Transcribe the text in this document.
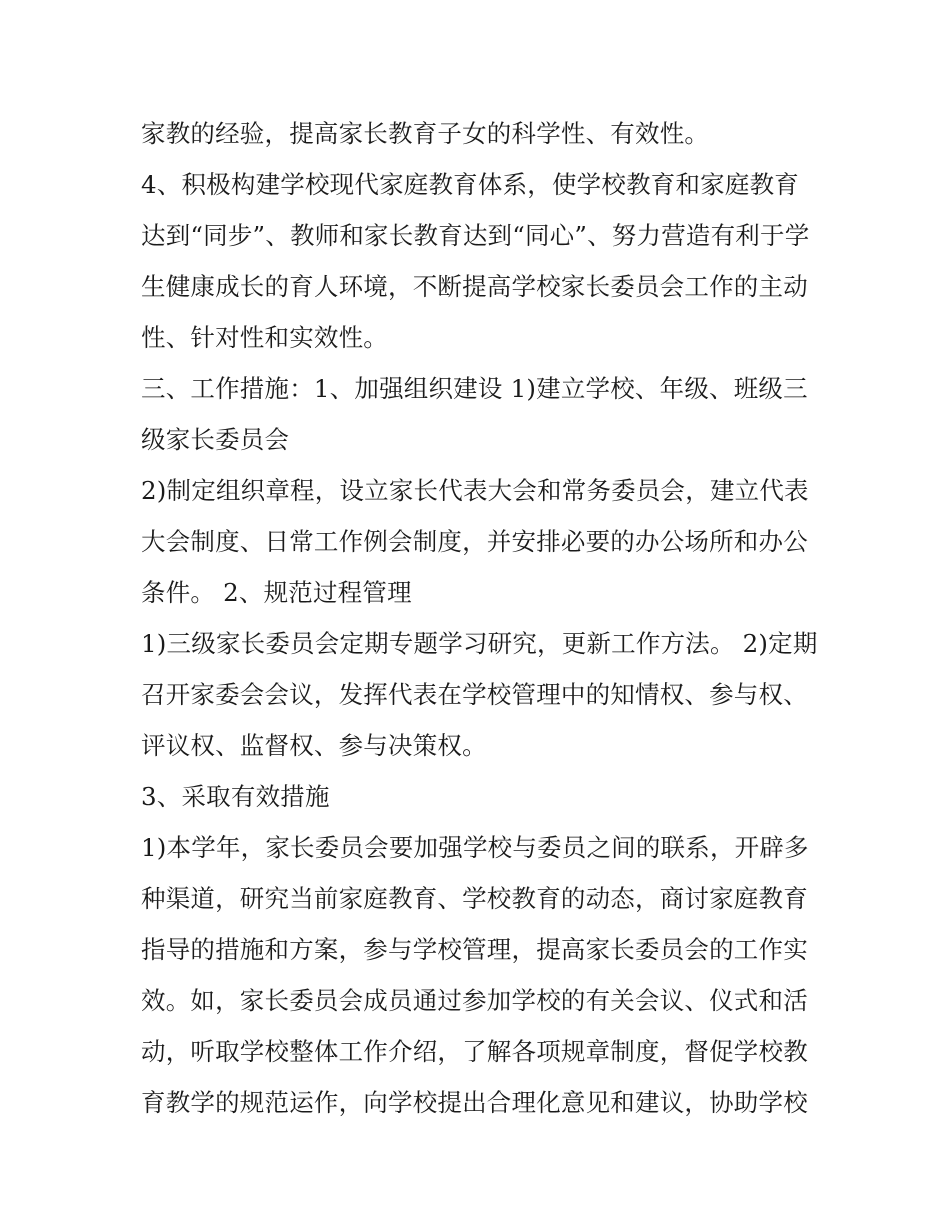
家教的经验，提高家长教育子女的科学性、有效性。
4、积极构建学校现代家庭教育体系，使学校教育和家庭教育
达到“同步”、教师和家长教育达到“同心”、努力营造有利于学
生健康成长的育人环境，不断提高学校家长委员会工作的主动
性、针对性和实效性。
三、工作措施：1、加强组织建设 1)建立学校、年级、班级三
级家长委员会
2)制定组织章程，设立家长代表大会和常务委员会，建立代表
大会制度、日常工作例会制度，并安排必要的办公场所和办公
条件。 2、规范过程管理
1)三级家长委员会定期专题学习研究，更新工作方法。 2)定期
召开家委会会议，发挥代表在学校管理中的知情权、参与权、
评议权、监督权、参与决策权。
3、采取有效措施
1)本学年，家长委员会要加强学校与委员之间的联系，开辟多
种渠道，研究当前家庭教育、学校教育的动态，商讨家庭教育
指导的措施和方案，参与学校管理，提高家长委员会的工作实
效。如，家长委员会成员通过参加学校的有关会议、仪式和活
动，听取学校整体工作介绍，了解各项规章制度，督促学校教
育教学的规范运作，向学校提出合理化意见和建议，协助学校
